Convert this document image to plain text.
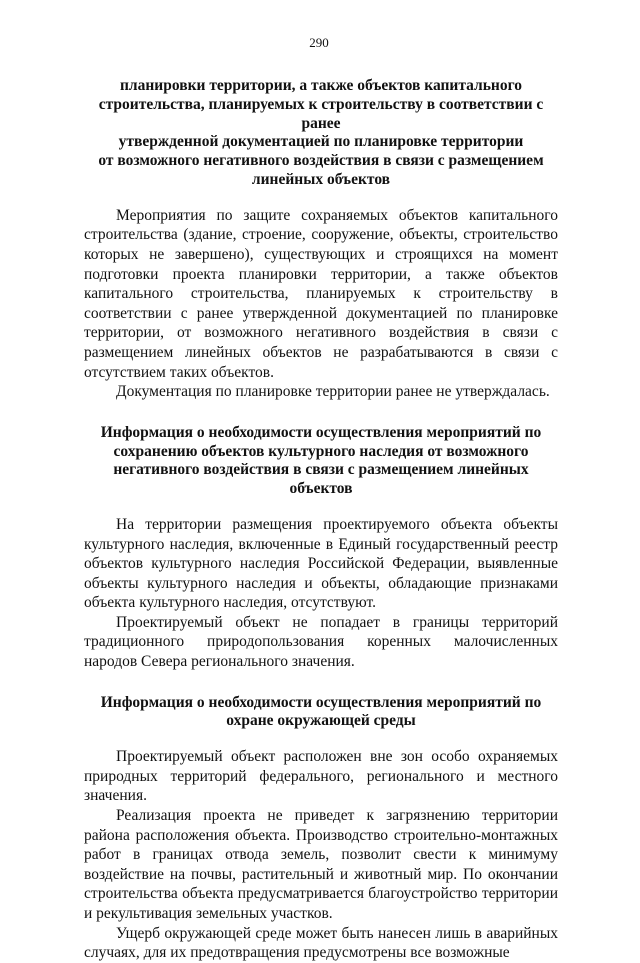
290
планировки территории, а также объектов капитального
строительства, планируемых к строительству в соответствии с ранее
утвержденной документацией по планировке территории
от возможного негативного воздействия в связи с размещением
линейных объектов

Мероприятия по защите сохраняемых объектов капитального строительства (здание, строение, сооружение, объекты, строительство которых не завершено), существующих и строящихся на момент подготовки проекта планировки территории, а также объектов капитального строительства, планируемых к строительству в соответствии с ранее утвержденной документацией по планировке территории, от возможного негативного воздействия в связи с размещением линейных объектов не разрабатываются в связи с отсутствием таких объектов.

Документация по планировке территории ранее не утверждалась.

Информация о необходимости осуществления мероприятий по
сохранению объектов культурного наследия от возможного
негативного воздействия в связи с размещением линейных объектов

На территории размещения проектируемого объекта объекты культурного наследия, включенные в Единый государственный реестр объектов культурного наследия Российской Федерации, выявленные объекты культурного наследия и объекты, обладающие признаками объекта культурного наследия, отсутствуют.

Проектируемый объект не попадает в границы территорий традиционного природопользования коренных малочисленных народов Севера регионального значения.

Информация о необходимости осуществления мероприятий по
охране окружающей среды

Проектируемый объект расположен вне зон особо охраняемых природных территорий федерального, регионального и местного значения.

Реализация проекта не приведет к загрязнению территории района расположения объекта. Производство строительно-монтажных работ в границах отвода земель, позволит свести к минимуму воздействие на почвы, растительный и животный мир. По окончании строительства объекта предусматривается благоустройство территории и рекультивация земельных участков.

Ущерб окружающей среде может быть нанесен лишь в аварийных случаях, для их предотвращения предусмотрены все возможные
